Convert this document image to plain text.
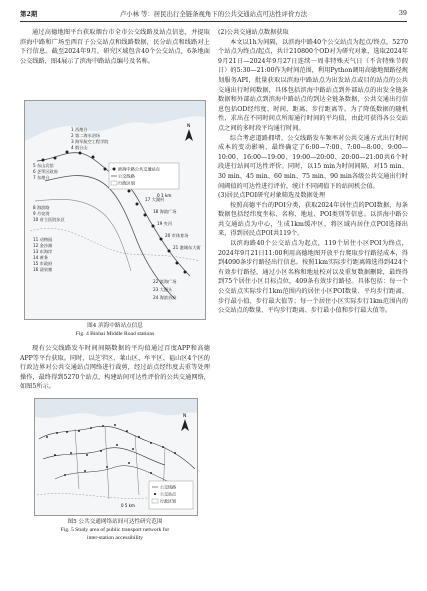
第2期	卢小林 等：居民出行全链条视角下的公共交通站点可达性评价方法	39

通过高德地图平台获取烟台市全市公交线路及站点信息，并提取滨海中路和广场至西百子公交站点和线路数据，民分站点和线路对上下行信息。截至2024年9月，研究区域包含40个公交站点，6条地面公交线路，图4展示了滨海中路站点编号及名称。

1 西炮台
2 第二海水浴场
3 海军航空工程学院
4 烟台山
5 东山宾馆
6 芝罘区政府
7 东炮台
8 海滨路
9 月亮湾
10 省立医院东区
11 动物园
12 金沙滩
13 东海岸
14 黄务
15 市政府
16 清泉寨
17 大湖村
18 海韵广场
19 夹河
20 市体育场
21 港城东大街
22 滨海广场
23 大馒头
24 海滨首府
滨海中路公共交通站点
公交线路
行政区划
N
0 1 km
图4 滨海中路站点信息
Fig. 4 Binhai Middle Road stations

现有公交线路发车时间间隔数据的平均值通过百度APP和高德APP等平台获取。同时，以芝罘区、莱山区、牟平区、福山区4个区的行政边界对公共交通站点网络进行裁剪，经过站点经纬度去重等处理操作，最终得到5270个站点，构建站间可达性评价的公共交通网络，如图5所示。

公交线路
公交站点
行政区划
N
0 5 km
图5 公共交通网络站间可达性研究范围
Fig. 5 Study area of public transport network for
inter-station accessibility
(2)公共交通站点数据获取

本文以1h为间隔，以滨海中路40个公交站点为起点/终点，5270个站点为终点/起点，共计210800个OD对为研究对象，选取2024年9月21日—2024年9月27日连续一周非特殊天气日（不含特殊节假日）的5:30—21:00作为时间范围，利用Python调用高德地图路径规划服务API，批量获取以滨海中路站点为出发站点或目的站点的公共交通出行时间数据，具体包括滨海中路站点到外部站点的出发全链条数据和外部站点到滨海中路站点的到达全链条数据，公共交通出行信息包括OD经纬度、时间、距离、步行距离等。为了降低数据的随机性，求出在不同时间点所需通行时间的平均值，由此可获得各公交站点之间的多时段平均通行时间。

综合考虑道路拥堵、公交线路发车频率对公共交通方式出行时间成本的变动影响，最终确定了6:00—7:00、7:00—8:00、9:00—10:00、16:00—19:00、19:00—20:00、20:00—21:00共6个时段进行站间可达性评价。同时，以15 min为时间间隔，对15 min、30 min、45 min、60 min、75 min、90 min各级公共交通出行时间阈值的可达性进行评价，统计不同阈值下的站间机会值。

(3)居民点POI研究对象筛选及数据处理

按照高德平台的POI分类，获取2024年居住点的POI数据，每条数据包括经纬度坐标、名称、地址、POI类别等信息。以滨海中路公共交通站点为中心，生成1km缓冲区，将区域内居住点POI选择出来，得到居民点POI共119个。

以滨海路40个公交站点为起点，119个居住小区POI为终点，2024年9月21日11:00利用高德地图开放平台爬取步行路径成本，得到4090条步行路径出行信息。按照1km实际步行距离筛选得到424个有效步行路径，通过小区名称和地址校对以及重复数据删除，最终得到75个居住小区目标点位，409条有效步行路径。具体包括：每一个公交站点实际步行1km范围内的居住小区POI数量、平均步行距离、步行最小值、步行最大值等；每一个居住小区实际步行1km范围内的公交站点的数量、平均步行距离、步行最小值和步行最大值等。
